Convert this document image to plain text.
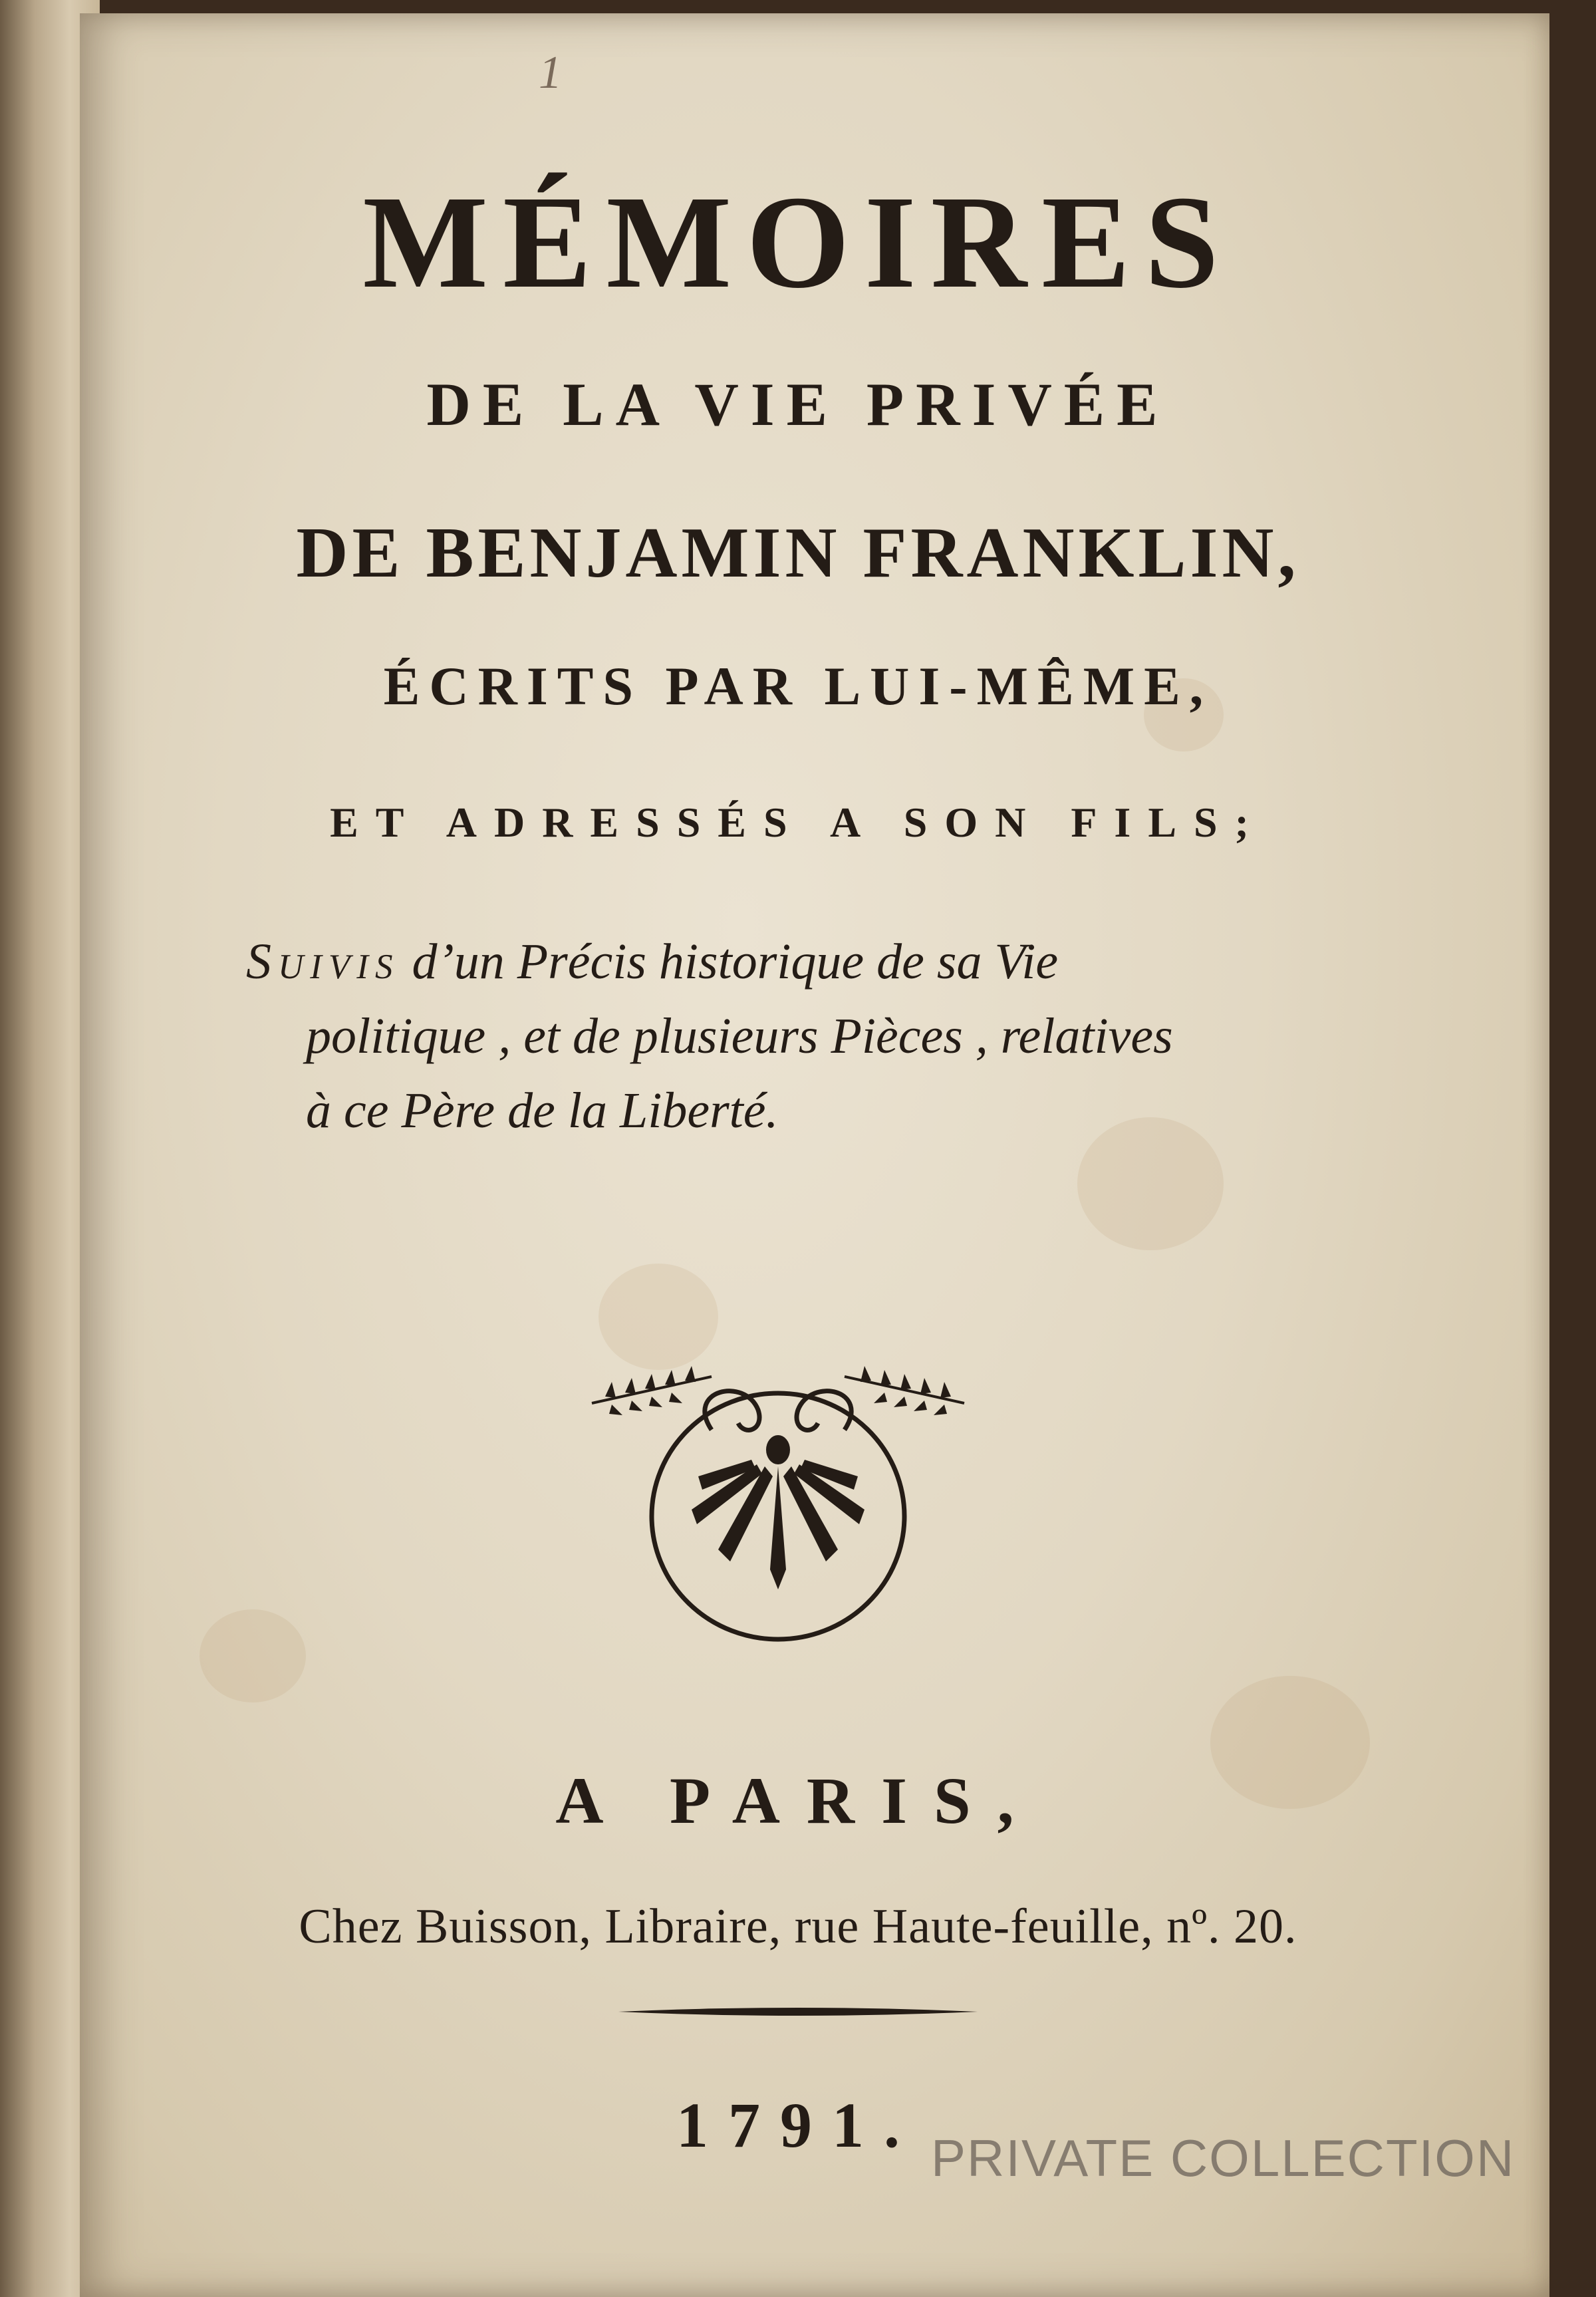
1
MÉMOIRES
DE LA VIE PRIVÉE
DE BENJAMIN FRANKLIN,
ÉCRITS PAR LUI-MÊME,
ET ADRESSÉS A SON FILS;
Suivis d’un Précis historique de sa Vie
politique , et de plusieurs Pièces , relatives
à ce Père de la Liberté.
A PARIS,
Chez Buisson, Libraire, rue Haute-feuille, nº. 20.
1791. PRIVATE COLLECTION
